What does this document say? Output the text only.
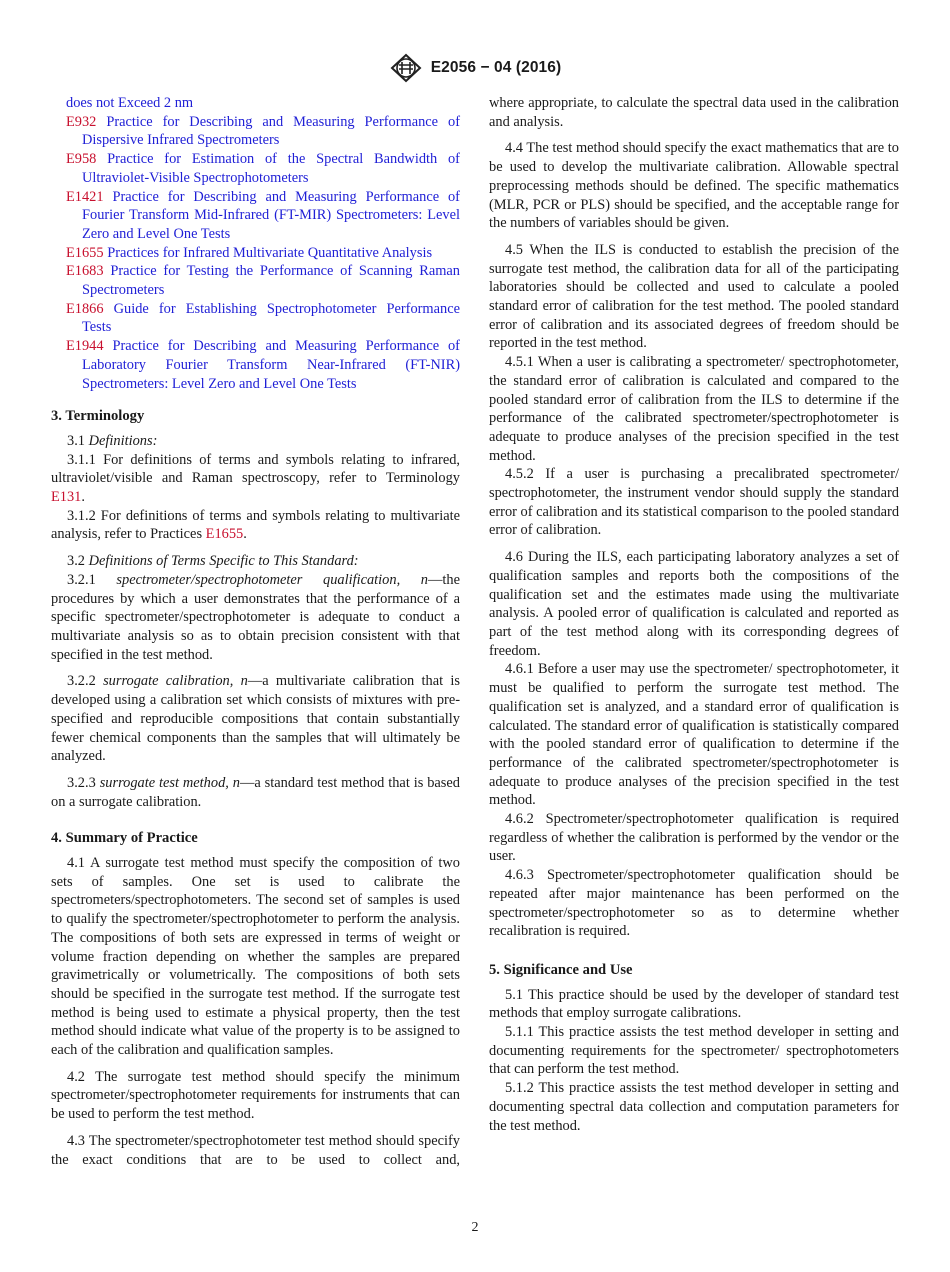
E2056 − 04 (2016)

does not Exceed 2 nm

E932 Practice for Describing and Measuring Performance of Dispersive Infrared Spectrometers

E958 Practice for Estimation of the Spectral Bandwidth of Ultraviolet-Visible Spectrophotometers

E1421 Practice for Describing and Measuring Performance of Fourier Transform Mid-Infrared (FT-MIR) Spectrometers: Level Zero and Level One Tests

E1655 Practices for Infrared Multivariate Quantitative Analysis

E1683 Practice for Testing the Performance of Scanning Raman Spectrometers

E1866 Guide for Establishing Spectrophotometer Performance Tests

E1944 Practice for Describing and Measuring Performance of Laboratory Fourier Transform Near-Infrared (FT-NIR) Spectrometers: Level Zero and Level One Tests

3. Terminology

3.1 Definitions:

3.1.1 For definitions of terms and symbols relating to infrared, ultraviolet/visible and Raman spectroscopy, refer to Terminology E131.

3.1.2 For definitions of terms and symbols relating to multivariate analysis, refer to Practices E1655.

3.2 Definitions of Terms Specific to This Standard:

3.2.1 spectrometer/spectrophotometer qualification, n—the procedures by which a user demonstrates that the performance of a specific spectrometer/spectrophotometer is adequate to conduct a multivariate analysis so as to obtain precision consistent with that specified in the test method.

3.2.2 surrogate calibration, n—a multivariate calibration that is developed using a calibration set which consists of mixtures with pre-specified and reproducible compositions that contain substantially fewer chemical components than the samples that will ultimately be analyzed.

3.2.3 surrogate test method, n—a standard test method that is based on a surrogate calibration.

4. Summary of Practice

4.1 A surrogate test method must specify the composition of two sets of samples. One set is used to calibrate the spectrometers/spectrophotometers. The second set of samples is used to qualify the spectrometer/spectrophotometer to perform the analysis. The compositions of both sets are expressed in terms of weight or volume fraction depending on whether the samples are prepared gravimetrically or volumetrically. The compositions of both sets should be specified in the surrogate test method. If the surrogate test method is being used to estimate a physical property, then the test method should indicate what value of the property is to be assigned to each of the calibration and qualification samples.

4.2 The surrogate test method should specify the minimum spectrometer/spectrophotometer requirements for instruments that can be used to perform the test method.

4.3 The spectrometer/spectrophotometer test method should specify the exact conditions that are to be used to collect and,

where appropriate, to calculate the spectral data used in the calibration and analysis.

4.4 The test method should specify the exact mathematics that are to be used to develop the multivariate calibration. Allowable spectral preprocessing methods should be defined. The specific mathematics (MLR, PCR or PLS) should be specified, and the acceptable range for the numbers of variables should be given.

4.5 When the ILS is conducted to establish the precision of the surrogate test method, the calibration data for all of the participating laboratories should be collected and used to calculate a pooled standard error of calibration for the test method. The pooled standard error of calibration and its associated degrees of freedom should be reported in the test method.

4.5.1 When a user is calibrating a spectrometer/ spectrophotometer, the standard error of calibration is calculated and compared to the pooled standard error of calibration from the ILS to determine if the performance of the calibrated spectrometer/spectrophotometer is adequate to produce analyses of the precision specified in the test method.

4.5.2 If a user is purchasing a precalibrated spectrometer/ spectrophotometer, the instrument vendor should supply the standard error of calibration and its statistical comparison to the pooled standard error of calibration.

4.6 During the ILS, each participating laboratory analyzes a set of qualification samples and reports both the compositions of the qualification set and the estimates made using the multivariate analysis. A pooled error of qualification is calculated and reported as part of the test method along with its corresponding degrees of freedom.

4.6.1 Before a user may use the spectrometer/ spectrophotometer, it must be qualified to perform the surrogate test method. The qualification set is analyzed, and a standard error of qualification is calculated. The standard error of qualification is statistically compared with the pooled standard error of qualification to determine if the performance of the calibrated spectrometer/spectrophotometer is adequate to produce analyses of the precision specified in the test method.

4.6.2 Spectrometer/spectrophotometer qualification is required regardless of whether the calibration is performed by the vendor or the user.

4.6.3 Spectrometer/spectrophotometer qualification should be repeated after major maintenance has been performed on the spectrometer/spectrophotometer so as to determine whether recalibration is required.

5. Significance and Use

5.1 This practice should be used by the developer of standard test methods that employ surrogate calibrations.

5.1.1 This practice assists the test method developer in setting and documenting requirements for the spectrometer/ spectrophotometers that can perform the test method.

5.1.2 This practice assists the test method developer in setting and documenting spectral data collection and computation parameters for the test method.

2
